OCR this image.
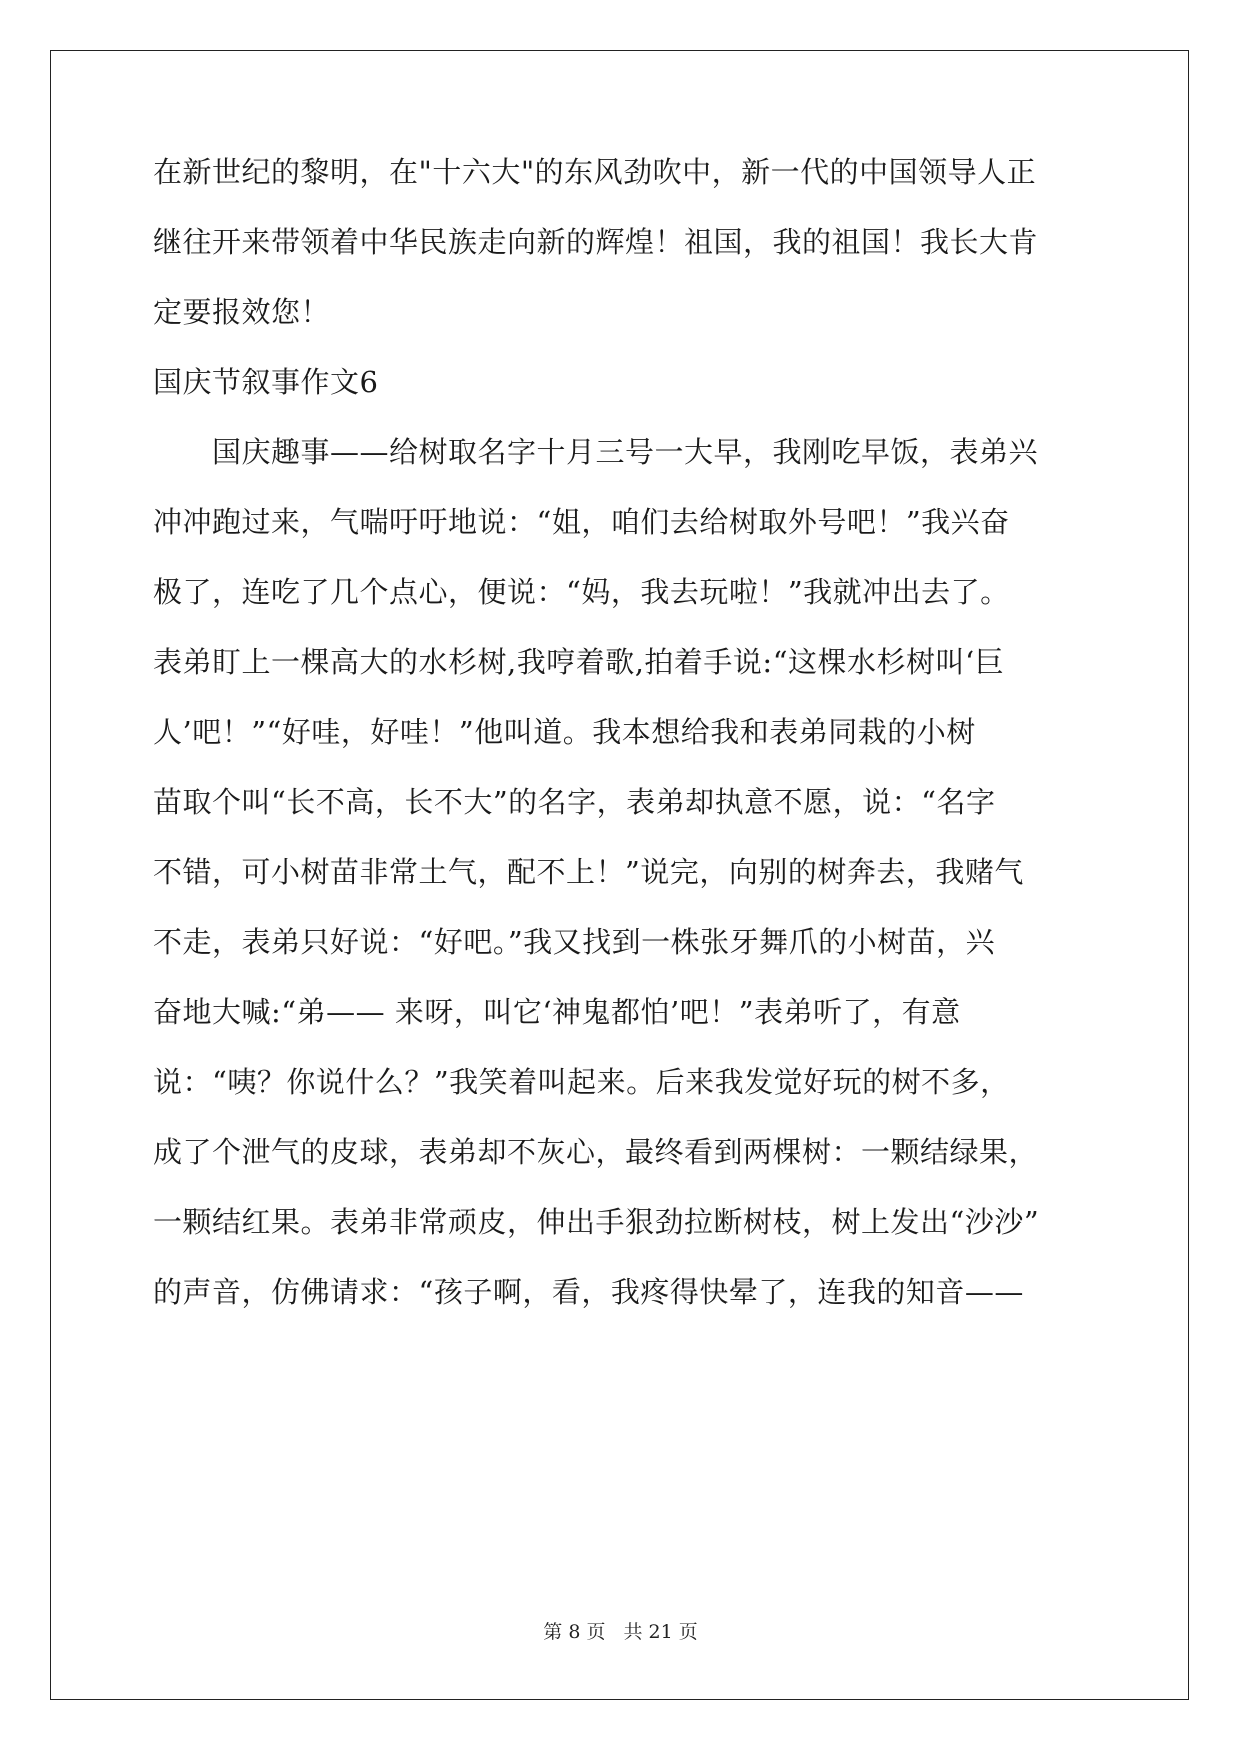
在新世纪的黎明，在"十六大"的东风劲吹中，新一代的中国领导人正
继往开来带领着中华民族走向新的辉煌！祖国，我的祖国！我长大肯
定要报效您！
国庆节叙事作文6
　　国庆趣事——给树取名字十月三号一大早，我刚吃早饭，表弟兴
冲冲跑过来，气喘吁吁地说：“姐，咱们去给树取外号吧！”我兴奋
极了，连吃了几个点心，便说：“妈，我去玩啦！”我就冲出去了。
表弟盯上一棵高大的水杉树,我哼着歌,拍着手说:“这棵水杉树叫‘巨
人’吧！”“好哇，好哇！”他叫道。我本想给我和表弟同栽的小树
苗取个叫“长不高，长不大”的名字，表弟却执意不愿，说：“名字
不错，可小树苗非常土气，配不上！”说完，向别的树奔去，我赌气
不走，表弟只好说：“好吧。”我又找到一株张牙舞爪的小树苗，兴
奋地大喊:“弟—— 来呀，叫它‘神鬼都怕’吧！”表弟听了，有意
说：“咦？你说什么？”我笑着叫起来。后来我发觉好玩的树不多，
成了个泄气的皮球，表弟却不灰心，最终看到两棵树：一颗结绿果，
一颗结红果。表弟非常顽皮，伸出手狠劲拉断树枝，树上发出“沙沙”
的声音，仿佛请求：“孩子啊，看，我疼得快晕了，连我的知音——
第 8 页 共 21 页
